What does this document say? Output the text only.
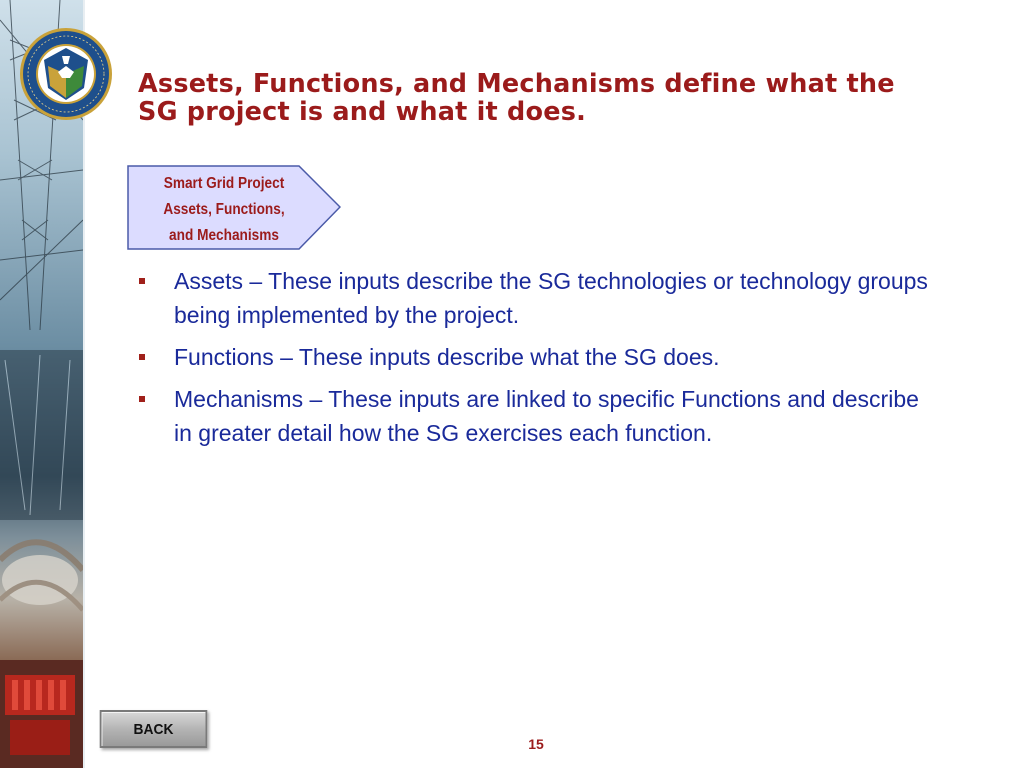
Assets, Functions, and Mechanisms define what the
SG project is and what it does.
Smart Grid Project
Assets, Functions,
and Mechanisms
Assets – These inputs describe the SG technologies or technology groups being implemented by the project.
Functions – These inputs describe what the SG does.
Mechanisms – These inputs are linked to specific Functions and describe in greater detail how the SG exercises each function.
BACK
15
